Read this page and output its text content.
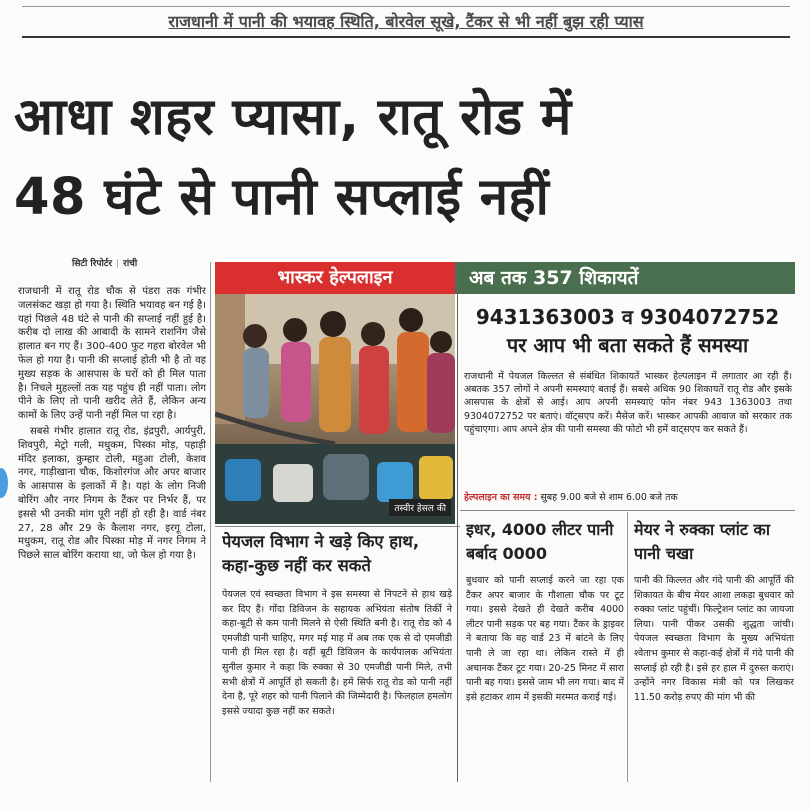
राजधानी में पानी की भयावह स्थिति, बोरवेल सूखे, टैंकर से भी नहीं बुझ रही प्यास
आधा शहर प्यासा, रातू रोड में
48 घंटे से पानी सप्लाई नहीं
सिटी रिपोर्टर | रांची

राजधानी में रातू रोड चौक से पंडरा तक गंभीर जलसंकट खड़ा हो गया है। स्थिति भयावह बन गई है। यहां पिछले 48 घंटे से पानी की सप्लाई नहीं हुई है। करीब दो लाख की आबादी के सामने राशनिंग जैसे हालात बन गए हैं। 300-400 फुट गहरा बोरवेल भी फेल हो गया है। पानी की सप्लाई होती भी है तो वह मुख्य सड़क के आसपास के घरों को ही मिल पाता है। निचले मुहल्लों तक यह पहुंच ही नहीं पाता। लोग पीने के लिए तो पानी खरीद लेते हैं, लेकिन अन्य कामों के लिए उन्हें पानी नहीं मिल पा रहा है।

सबसे गंभीर हालात रातू रोड, इंद्रपुरी, आर्यपुरी, शिवपुरी, मेट्रो गली, मधुकम, पिस्का मोड़, पहाड़ी मंदिर इलाका, कुम्हार टोली, महुआ टोली, केशव नगर, गाड़ीखाना चौक, किशोरगंज और अपर बाजार के आसपास के इलाकों में है। यहां के लोग निजी बोरिंग और नगर निगम के टैंकर पर निर्भर हैं, पर इससे भी उनकी मांग पूरी नहीं हो रही है। वार्ड नंबर 27, 28 और 29 के कैलाश नगर, इरगू टोला, मधुकम, रातू रोड और पिस्का मोड़ में नगर निगम ने पिछले साल बोरिंग कराया था, जो फेल हो गया है।

भास्कर हेल्पलाइन	अब तक 357 शिकायतें
तस्वीर हेसल की
9431363003 व 9304072752
पर आप भी बता सकते हैं समस्या
राजधानी में पेयजल किल्लत से संबंधित शिकायतें भास्कर हेल्पलाइन में लगातार आ रही हैं। अबतक 357 लोगों ने अपनी समस्याएं बताई हैं। सबसे अधिक 90 शिकायतें रातू रोड और इसके आसपास के क्षेत्रों से आई। आप अपनी समस्याएं फोन नंबर 943 1363003 तथा 9304072752 पर बताएं। वॉट्सएप करें। मैसेज करें। भास्कर आपकी आवाज को सरकार तक पहुंचाएगा। आप अपने क्षेत्र की पानी समस्या की फोटो भी हमें वाट्सएप कर सकते हैं।
हेल्पलाइन का समय : सुबह 9.00 बजे से शाम 6.00 बजे तक
पेयजल विभाग ने खड़े किए हाथ, कहा-कुछ नहीं कर सकते
पेयजल एवं स्वच्छता विभाग ने इस समस्या से निपटने से हाथ खड़े कर दिए हैं। गोंदा डिविजन के सहायक अभियंता संतोष तिर्की ने कहा-बूटी से कम पानी मिलने से ऐसी स्थिति बनी है। रातू रोड को 4 एमजीडी पानी चाहिए, मगर मई माह में अब तक एक से दो एमजीडी पानी ही मिल रहा है। वहीं बूटी डिविजन के कार्यपालक अभियंता सुनील कुमार ने कहा कि रुक्का से 30 एमजीडी पानी मिले, तभी सभी क्षेत्रों में आपूर्ति हो सकती है। हमें सिर्फ रातू रोड को पानी नहीं देना है, पूरे शहर को पानी पिलाने की जिम्मेदारी है। फिलहाल हमलोग इससे ज्यादा कुछ नहीं कर सकते।
इधर, 4000 लीटर पानी बर्बाद 0000
बुधवार को पानी सप्लाई करने जा रहा एक टैंकर अपर बाजार के गौशाला चौक पर टूट गया। इससे देखते ही देखते करीब 4000 लीटर पानी सड़क पर बह गया। टैंकर के ड्राइवर ने बताया कि वह वार्ड 23 में बांटने के लिए पानी ले जा रहा था। लेकिन रास्ते में ही अचानक टैंकर टूट गया। 20-25 मिनट में सारा पानी बह गया। इससे जाम भी लग गया। बाद में इसे हटाकर शाम में इसकी मरम्मत कराई गई।
मेयर ने रुक्का प्लांट का पानी चखा
पानी की किल्लत और गंदे पानी की आपूर्ति की शिकायत के बीच मेयर आशा लकड़ा बुधवार को रुक्का प्लांट पहुंचीं। फिल्ट्रेशन प्लांट का जायजा लिया। पानी पीकर उसकी शुद्धता जांची। पेयजल स्वच्छता विभाग के मुख्य अभियंता श्वेताभ कुमार से कहा-कई क्षेत्रों में गंदे पानी की सप्लाई हो रही है। इसे हर हाल में दुरुस्त कराएं। उन्होंने नगर विकास मंत्री को पत्र लिखकर 11.50 करोड़ रुपए की मांग भी की
